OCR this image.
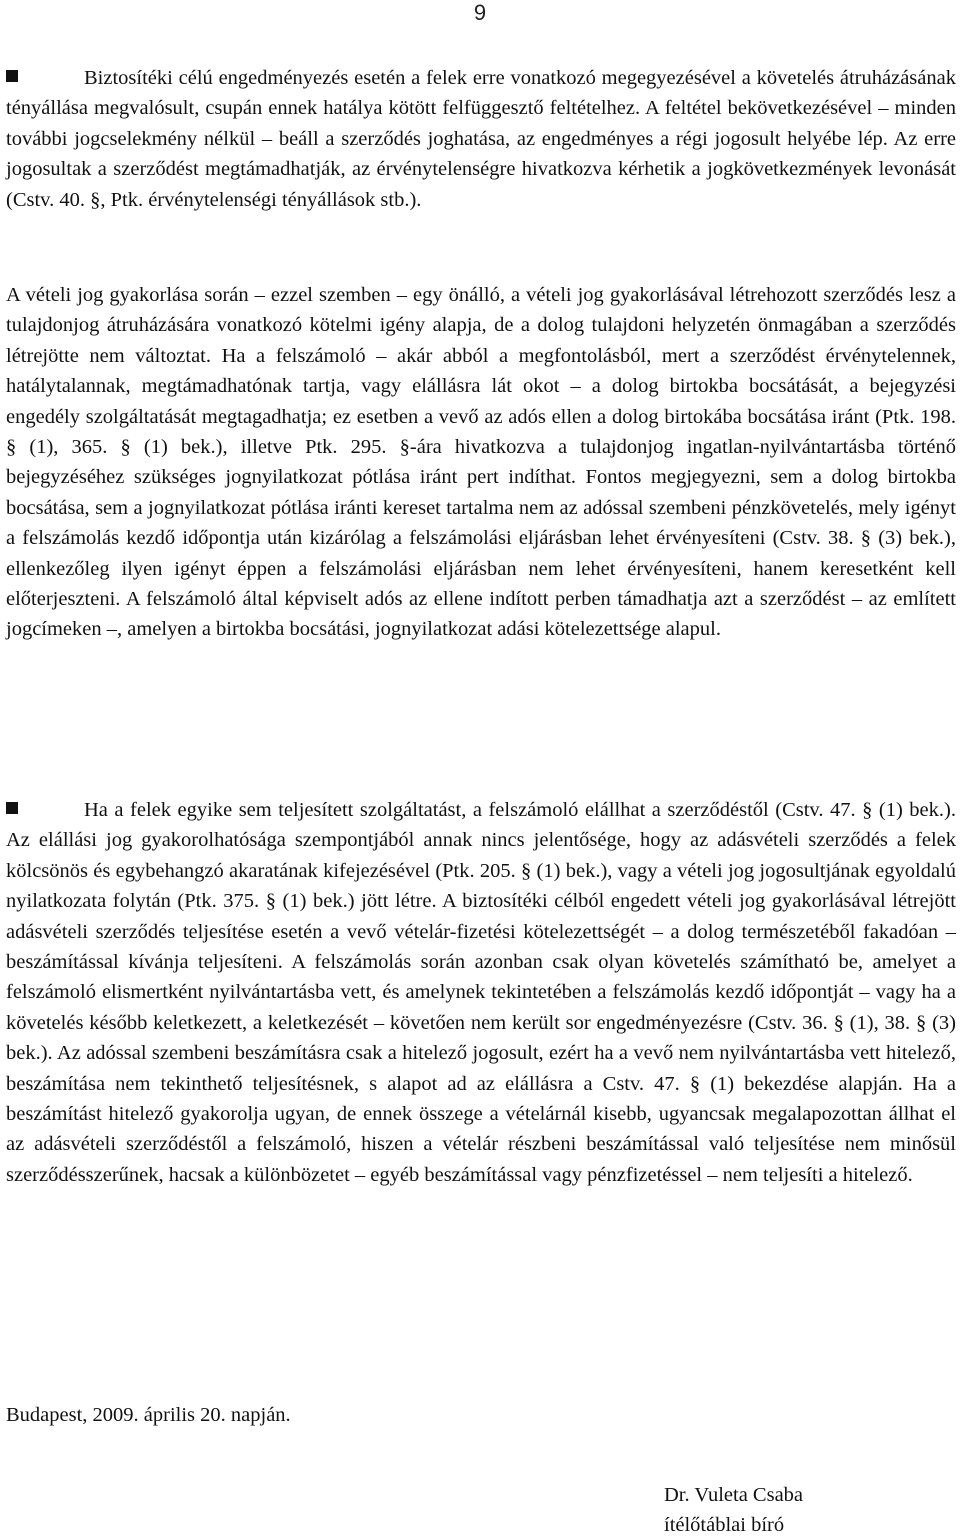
9

Biztosítéki célú engedményezés esetén a felek erre vonatkozó megegyezésével a követelés átruházásának tényállása megvalósult, csupán ennek hatálya kötött felfüggesztő feltételhez. A feltétel bekövetkezésével – minden további jogcselekmény nélkül – beáll a szerződés joghatása, az engedményes a régi jogosult helyébe lép. Az erre jogosultak a szerződést megtámadhatják, az érvénytelenségre hivatkozva kérhetik a jogkövetkezmények levonását (Cstv. 40. §, Ptk. érvénytelenségi tényállások stb.).

A vételi jog gyakorlása során – ezzel szemben – egy önálló, a vételi jog gyakorlásával létrehozott szerződés lesz a tulajdonjog átruházására vonatkozó kötelmi igény alapja, de a dolog tulajdoni helyzetén önmagában a szerződés létrejötte nem változtat. Ha a felszámoló – akár abból a megfontolásból, mert a szerződést érvénytelennek, hatálytalannak, megtámadhatónak tartja, vagy elállásra lát okot – a dolog birtokba bocsátását, a bejegyzési engedély szolgáltatását megtagadhatja; ez esetben a vevő az adós ellen a dolog birtokába bocsátása iránt (Ptk. 198. § (1), 365. § (1) bek.), illetve Ptk. 295. §-ára hivatkozva a tulajdonjog ingatlan-nyilvántartásba történő bejegyzéséhez szükséges jognyilatkozat pótlása iránt pert indíthat. Fontos megjegyezni, sem a dolog birtokba bocsátása, sem a jognyilatkozat pótlása iránti kereset tartalma nem az adóssal szembeni pénzkövetelés, mely igényt a felszámolás kezdő időpontja után kizárólag a felszámolási eljárásban lehet érvényesíteni (Cstv. 38. § (3) bek.), ellenkezőleg ilyen igényt éppen a felszámolási eljárásban nem lehet érvényesíteni, hanem keresetként kell előterjeszteni. A felszámoló által képviselt adós az ellene indított perben támadhatja azt a szerződést – az említett jogcímeken –, amelyen a birtokba bocsátási, jognyilatkozat adási kötelezettsége alapul.

Ha a felek egyike sem teljesített szolgáltatást, a felszámoló elállhat a szerződéstől (Cstv. 47. § (1) bek.). Az elállási jog gyakorolhatósága szempontjából annak nincs jelentősége, hogy az adásvételi szerződés a felek kölcsönös és egybehangzó akaratának kifejezésével (Ptk. 205. § (1) bek.), vagy a vételi jog jogosultjának egyoldalú nyilatkozata folytán (Ptk. 375. § (1) bek.) jött létre. A biztosítéki célból engedett vételi jog gyakorlásával létrejött adásvételi szerződés teljesítése esetén a vevő vételár-fizetési kötelezettségét – a dolog természetéből fakadóan – beszámítással kívánja teljesíteni. A felszámolás során azonban csak olyan követelés számítható be, amelyet a felszámoló elismertként nyilvántartásba vett, és amelynek tekintetében a felszámolás kezdő időpontját – vagy ha a követelés később keletkezett, a keletkezését – követően nem került sor engedményezésre (Cstv. 36. § (1), 38. § (3) bek.). Az adóssal szembeni beszámításra csak a hitelező jogosult, ezért ha a vevő nem nyilvántartásba vett hitelező, beszámítása nem tekinthető teljesítésnek, s alapot ad az elállásra a Cstv. 47. § (1) bekezdése alapján. Ha a beszámítást hitelező gyakorolja ugyan, de ennek összege a vételárnál kisebb, ugyancsak megalapozottan állhat el az adásvételi szerződéstől a felszámoló, hiszen a vételár részbeni beszámítással való teljesítése nem minősül szerződésszerűnek, hacsak a különbözetet – egyéb beszámítással vagy pénzfizetéssel – nem teljesíti a hitelező.

Budapest, 2009. április 20. napján.

Dr. Vuleta Csaba
ítélőtáblai bíró
